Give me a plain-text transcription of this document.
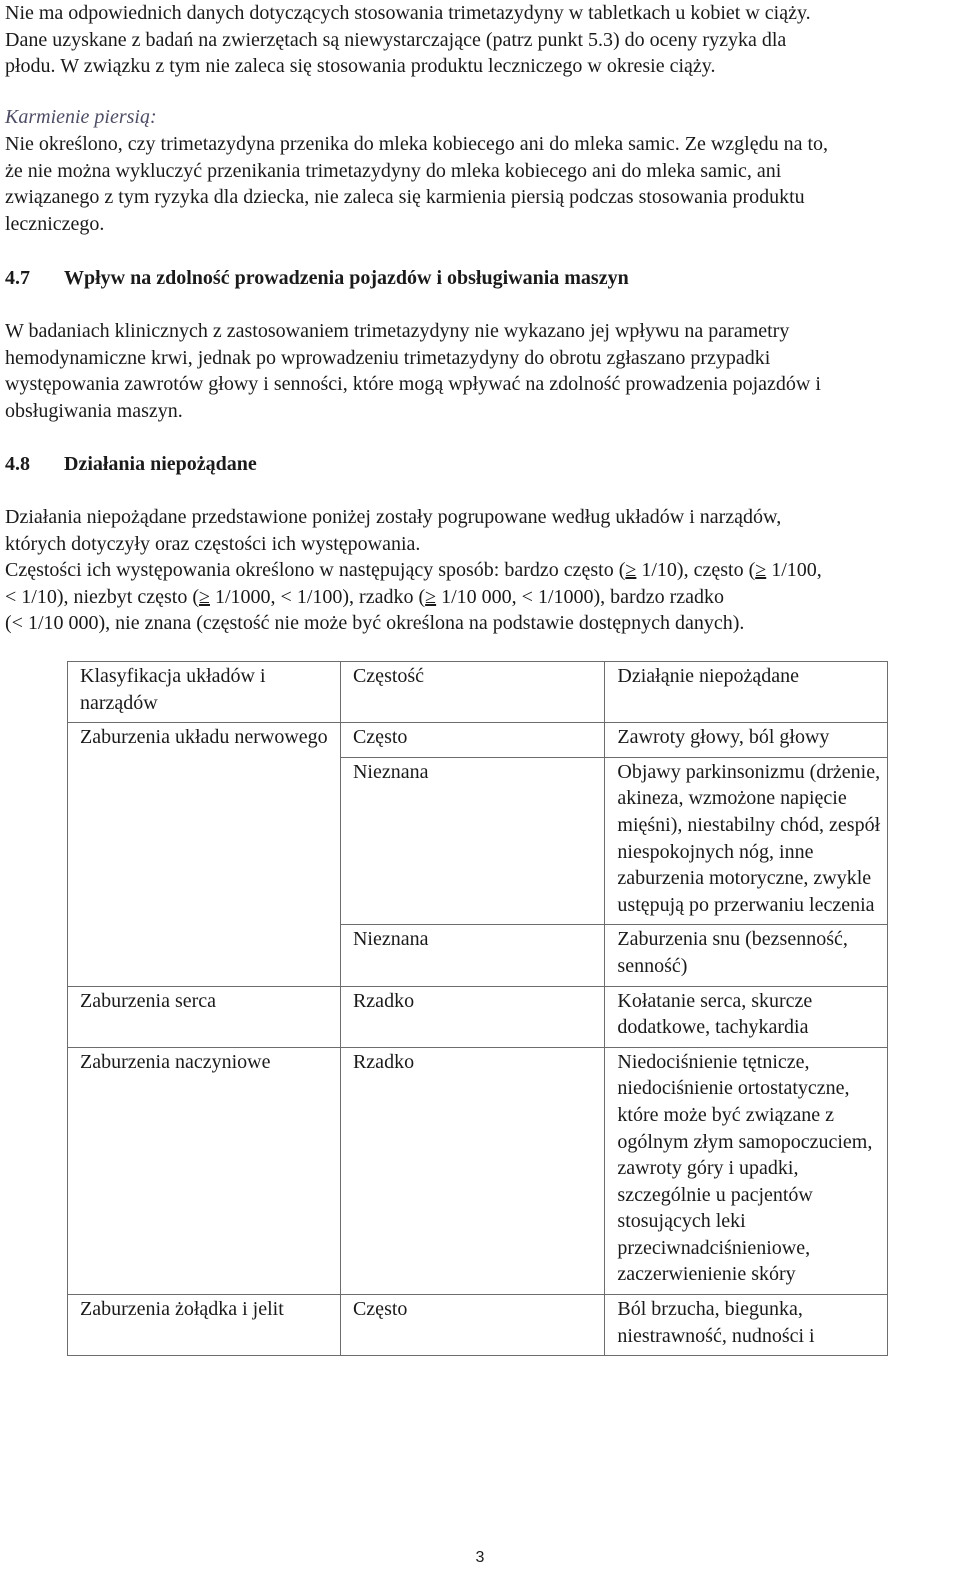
Nie ma odpowiednich danych dotyczących stosowania trimetazydyny w tabletkach u kobiet w ciąży.
Dane uzyskane z badań na zwierzętach są niewystarczające (patrz punkt 5.3) do oceny ryzyka dla
płodu. W związku z tym nie zaleca się stosowania produktu leczniczego w okresie ciąży.

Karmienie piersią:

Nie określono, czy trimetazydyna przenika do mleka kobiecego ani do mleka samic. Ze względu na to,
że nie można wykluczyć przenikania trimetazydyny do mleka kobiecego ani do mleka samic, ani
związanego z tym ryzyka dla dziecka, nie zaleca się karmienia piersią podczas stosowania produktu
leczniczego.

4.7 Wpływ na zdolność prowadzenia pojazdów i obsługiwania maszyn

W badaniach klinicznych z zastosowaniem trimetazydyny nie wykazano jej wpływu na parametry
hemodynamiczne krwi, jednak po wprowadzeniu trimetazydyny do obrotu zgłaszano przypadki
występowania zawrotów głowy i senności, które mogą wpływać na zdolność prowadzenia pojazdów i
obsługiwania maszyn.

4.8 Działania niepożądane

Działania niepożądane przedstawione poniżej zostały pogrupowane według układów i narządów,
których dotyczyły oraz częstości ich występowania.

Częstości ich występowania określono w następujący sposób: bardzo często (≥ 1/10), często (≥ 1/100,
< 1/10), niezbyt często (≥ 1/1000, < 1/100), rzadko (≥ 1/10 000, < 1/1000), bardzo rzadko
(< 1/10 000), nie znana (częstość nie może być określona na podstawie dostępnych danych).

Klasyfikacja układów i narządów	Częstość	Działąnie niepożądane
Zaburzenia układu nerwowego	Często	Zawroty głowy, ból głowy
	Nieznana	Objawy parkinsonizmu (drżenie, akineza, wzmożone napięcie mięśni), niestabilny chód, zespół niespokojnych nóg, inne zaburzenia motoryczne, zwykle ustępują po przerwaniu leczenia
	Nieznana	Zaburzenia snu (bezsenność, senność)
Zaburzenia serca	Rzadko	Kołatanie serca, skurcze dodatkowe, tachykardia
Zaburzenia naczyniowe	Rzadko	Niedociśnienie tętnicze, niedociśnienie ortostatyczne, które może być związane z ogólnym złym samopoczuciem, zawroty góry i upadki, szczególnie u pacjentów stosujących leki przeciwnadciśnieniowe, zaczerwienienie skóry
Zaburzenia żołądka i jelit	Często	Ból brzucha, biegunka, niestrawność, nudności i
3
